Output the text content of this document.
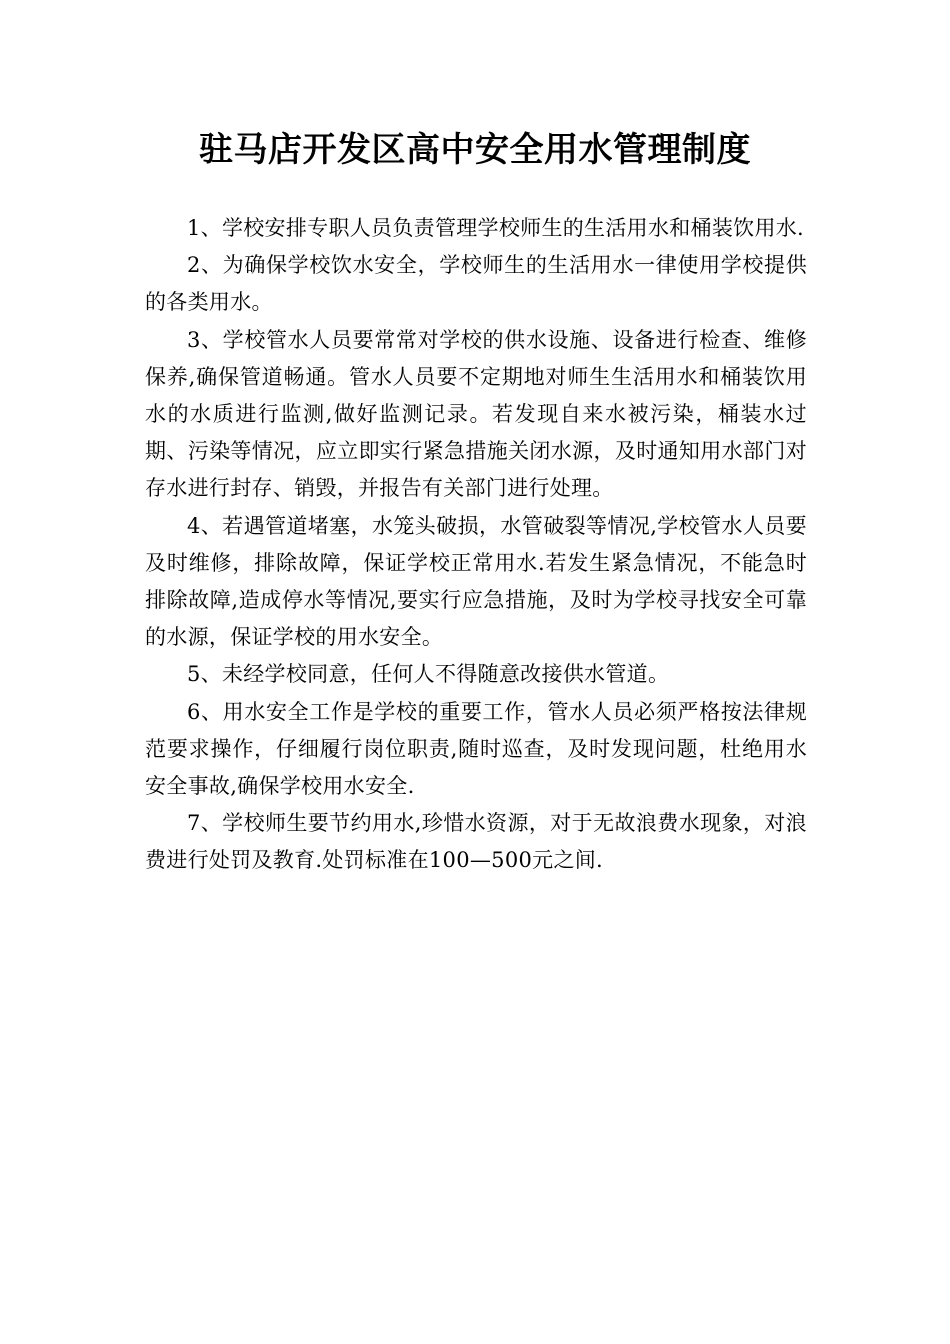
驻马店开发区高中安全用水管理制度

1、学校安排专职人员负责管理学校师生的生活用水和桶装饮用水.

2、为确保学校饮水安全，学校师生的生活用水一律使用学校提供的各类用水。

3、学校管水人员要常常对学校的供水设施、设备进行检查、维修保养,确保管道畅通。管水人员要不定期地对师生生活用水和桶装饮用水的水质进行监测,做好监测记录。若发现自来水被污染，桶装水过期、污染等情况，应立即实行紧急措施关闭水源，及时通知用水部门对存水进行封存、销毁，并报告有关部门进行处理。

4、若遇管道堵塞，水笼头破损，水管破裂等情况,学校管水人员要及时维修，排除故障，保证学校正常用水.若发生紧急情况，不能急时排除故障,造成停水等情况,要实行应急措施，及时为学校寻找安全可靠的水源，保证学校的用水安全。

5、未经学校同意，任何人不得随意改接供水管道。

6、用水安全工作是学校的重要工作，管水人员必须严格按法律规范要求操作，仔细履行岗位职责,随时巡查，及时发现问题，杜绝用水安全事故,确保学校用水安全.

7、学校师生要节约用水,珍惜水资源，对于无故浪费水现象，对浪费进行处罚及教育.处罚标准在100—500元之间.
